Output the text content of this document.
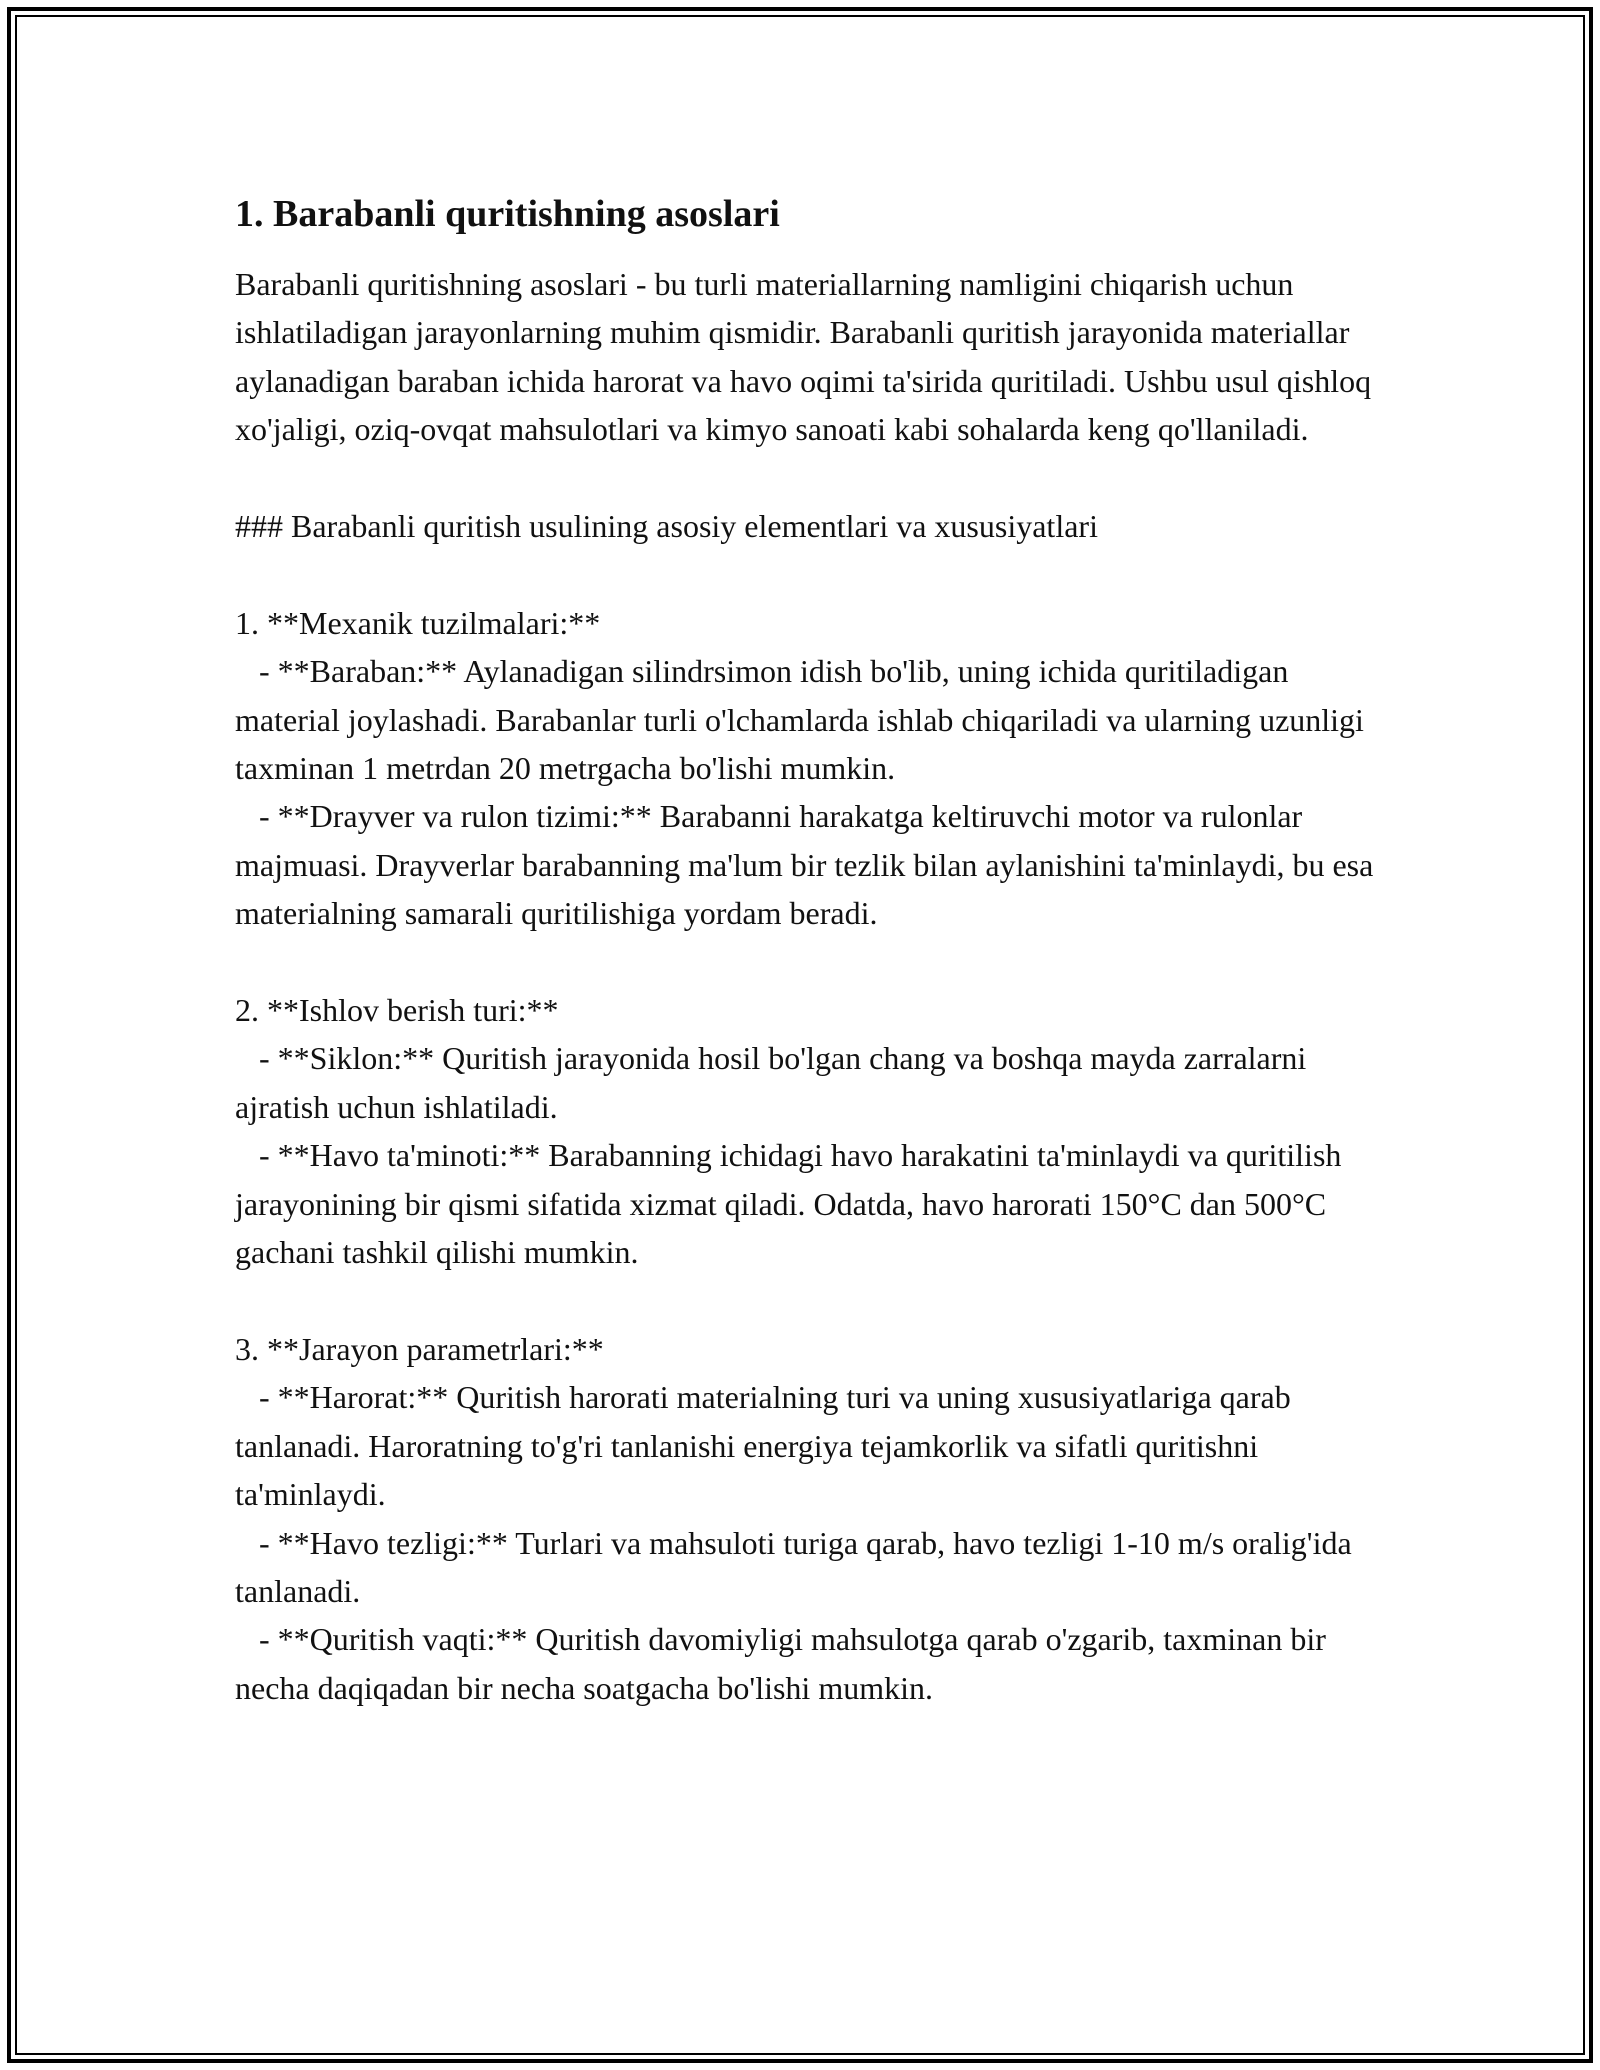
1. Barabanli quritishning asoslari

Barabanli quritishning asoslari - bu turli materiallarning namligini chiqarish uchun ishlatiladigan jarayonlarning muhim qismidir. Barabanli quritish jarayonida materiallar aylanadigan baraban ichida harorat va havo oqimi ta'sirida quritiladi. Ushbu usul qishloq xo'jaligi, oziq-ovqat mahsulotlari va kimyo sanoati kabi sohalarda keng qo'llaniladi.

### Barabanli quritish usulining asosiy elementlari va xususiyatlari

1. **Mexanik tuzilmalari:**

- **Baraban:** Aylanadigan silindrsimon idish bo'lib, uning ichida quritiladigan material joylashadi. Barabanlar turli o'lchamlarda ishlab chiqariladi va ularning uzunligi taxminan 1 metrdan 20 metrgacha bo'lishi mumkin.

- **Drayver va rulon tizimi:** Barabanni harakatga keltiruvchi motor va rulonlar majmuasi. Drayverlar barabanning ma'lum bir tezlik bilan aylanishini ta'minlaydi, bu esa materialning samarali quritilishiga yordam beradi.

2. **Ishlov berish turi:**

- **Siklon:** Quritish jarayonida hosil bo'lgan chang va boshqa mayda zarralarni ajratish uchun ishlatiladi.

- **Havo ta'minoti:** Barabanning ichidagi havo harakatini ta'minlaydi va quritilish jarayonining bir qismi sifatida xizmat qiladi. Odatda, havo harorati 150°C dan 500°C gachani tashkil qilishi mumkin.

3. **Jarayon parametrlari:**

- **Harorat:** Quritish harorati materialning turi va uning xususiyatlariga qarab tanlanadi. Haroratning to'g'ri tanlanishi energiya tejamkorlik va sifatli quritishni ta'minlaydi.

- **Havo tezligi:** Turlari va mahsuloti turiga qarab, havo tezligi 1-10 m/s oralig'ida tanlanadi.

- **Quritish vaqti:** Quritish davomiyligi mahsulotga qarab o'zgarib, taxminan bir necha daqiqadan bir necha soatgacha bo'lishi mumkin.
